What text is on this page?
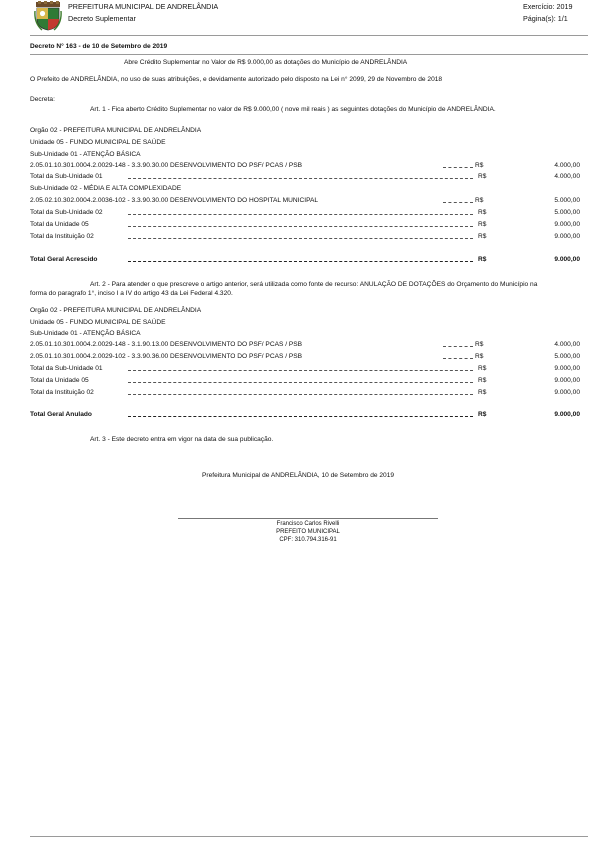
PREFEITURA MUNICIPAL DE ANDRELÂNDIA
Decreto Suplementar
Exercício: 2019
Página(s): 1/1
Decreto N° 163 - de 10 de Setembro de 2019
Abre Crédito Suplementar no Valor de R$ 9.000,00 as dotações do Município de ANDRELÂNDIA
O Prefeito de ANDRELÂNDIA, no uso de suas atribuições, e devidamente autorizado pelo disposto na Lei n° 2099, 29 de Novembro de 2018
Decreta:
Art. 1 - Fica aberto Crédito Suplementar no valor de R$ 9.000,00 ( nove mil reais ) as seguintes dotações do Município de ANDRELÂNDIA.
Orgão 02 - PREFEITURA MUNICIPAL DE ANDRELÂNDIA
Unidade 05 - FUNDO MUNICIPAL DE SAÚDE
Sub-Unidade 01 - ATENÇÃO BÁSICA
2.05.01.10.301.0004.2.0029-148 - 3.3.90.30.00 DESENVOLVIMENTO DO PSF/ PCAS / PSB	R$	4.000,00
Total da Sub-Unidade 01	R$	4.000,00
Sub-Unidade 02 - MÉDIA E ALTA COMPLEXIDADE
2.05.02.10.302.0004.2.0036-102 - 3.3.90.30.00 DESENVOLVIMENTO DO HOSPITAL MUNICIPAL	R$	5.000,00
Total da Sub-Unidade 02	R$	5.000,00
Total da Unidade 05	R$	9.000,00
Total da Instituição 02	R$	9.000,00
Total Geral Acrescido	R$	9.000,00
Art. 2 - Para atender o que prescreve o artigo anterior, será utilizada como fonte de recurso: ANULAÇÃO DE DOTAÇÕES do Orçamento do Município na
forma do paragrafo 1°, inciso I a IV do artigo 43 da Lei Federal 4.320.
Orgão 02 - PREFEITURA MUNICIPAL DE ANDRELÂNDIA
Unidade 05 - FUNDO MUNICIPAL DE SAÚDE
Sub-Unidade 01 - ATENÇÃO BÁSICA
2.05.01.10.301.0004.2.0029-148 - 3.1.90.13.00 DESENVOLVIMENTO DO PSF/ PCAS / PSB	R$	4.000,00
2.05.01.10.301.0004.2.0029-102 - 3.3.90.36.00 DESENVOLVIMENTO DO PSF/ PCAS / PSB	R$	5.000,00
Total da Sub-Unidade 01	R$	9.000,00
Total da Unidade 05	R$	9.000,00
Total da Instituição 02	R$	9.000,00
Total Geral Anulado	R$	9.000,00
Art. 3 - Este decreto entra em vigor na data de sua publicação.
Prefeitura Municipal de ANDRELÂNDIA, 10 de Setembro de 2019
Francisco Carlos Rivelli
PREFEITO MUNICIPAL
CPF: 310.794.316-91
